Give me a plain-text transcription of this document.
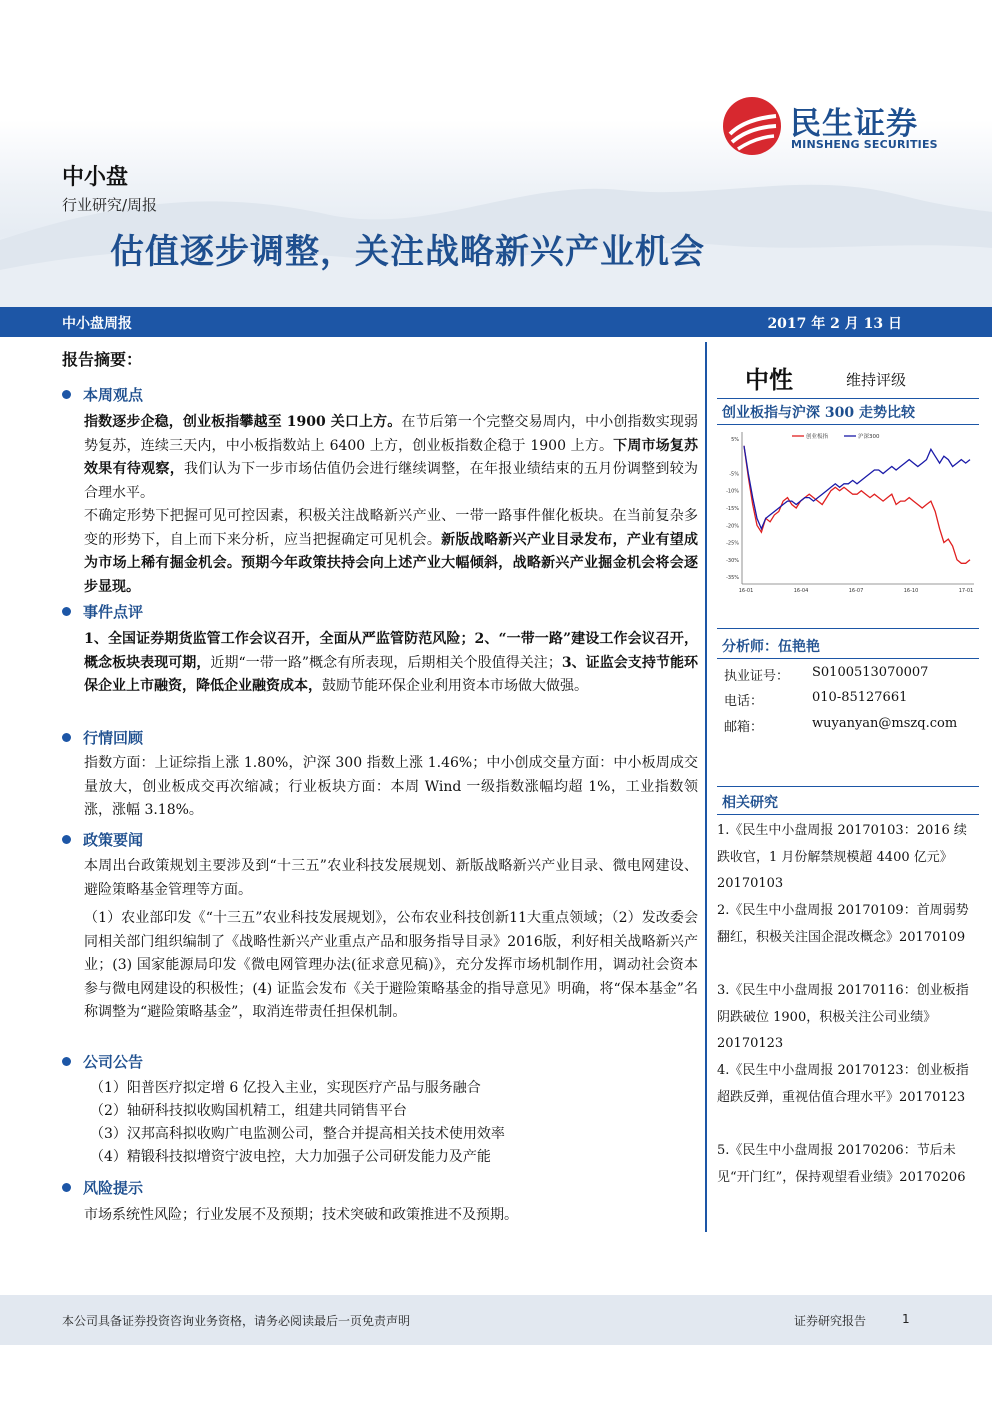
民生证券
MINSHENG SECURITIES
中小盘
行业研究/周报
估值逐步调整，关注战略新兴产业机会
中小盘周报	2017 年 2 月 13 日
报告摘要：
本周观点
指数逐步企稳，创业板指攀越至 1900 关口上方。在节后第一个完整交易周内，中小创指数实现弱势复苏，连续三天内，中小板指数站上 6400 上方，创业板指数企稳于 1900 上方。下周市场复苏效果有待观察，我们认为下一步市场估值仍会进行继续调整，在年报业绩结束的五月份调整到较为合理水平。
不确定形势下把握可见可控因素，积极关注战略新兴产业、一带一路事件催化板块。在当前复杂多变的形势下，自上而下来分析，应当把握确定可见机会。新版战略新兴产业目录发布，产业有望成为市场上稀有掘金机会。预期今年政策扶持会向上述产业大幅倾斜，战略新兴产业掘金机会将会逐步显现。
事件点评
1、全国证券期货监管工作会议召开，全面从严监管防范风险；2、“一带一路”建设工作会议召开，概念板块表现可期，近期“一带一路”概念有所表现，后期相关个股值得关注；3、证监会支持节能环保企业上市融资，降低企业融资成本，鼓励节能环保企业利用资本市场做大做强。
行情回顾
指数方面：上证综指上涨 1.80%，沪深 300 指数上涨 1.46%；中小创成交量方面：中小板周成交量放大，创业板成交再次缩减；行业板块方面：本周 Wind 一级指数涨幅均超 1%，工业指数领涨，涨幅 3.18%。
政策要闻
本周出台政策规划主要涉及到“十三五”农业科技发展规划、新版战略新兴产业目录、微电网建设、避险策略基金管理等方面。
（1）农业部印发《“十三五”农业科技发展规划》，公布农业科技创新11大重点领域；（2）发改委会同相关部门组织编制了《战略性新兴产业重点产品和服务指导目录》2016版，利好相关战略新兴产业；(3) 国家能源局印发《微电网管理办法(征求意见稿)》，充分发挥市场机制作用，调动社会资本参与微电网建设的积极性；(4) 证监会发布《关于避险策略基金的指导意见》明确，将“保本基金”名称调整为“避险策略基金”，取消连带责任担保机制。
公司公告
（1）阳普医疗拟定增 6 亿投入主业，实现医疗产品与服务融合
（2）轴研科技拟收购国机精工，组建共同销售平台
（3）汉邦高科拟收购广电监测公司，整合并提高相关技术使用效率
（4）精锻科技拟增资宁波电控，大力加强子公司研发能力及产能
风险提示
市场系统性风险；行业发展不及预期；技术突破和政策推进不及预期。
中性	维持评级
创业板指与沪深 300 走势比较
5%
-5%
-10%
-15%
-20%
-25%
-30%
-35%
16-01	16-04	16-07	16-10	17-01
创业板指	沪深300
分析师：伍艳艳
执业证号： S0100513070007
电话：	010-85127661
邮箱：	wuyanyan@mszq.com
相关研究
1.《民生中小盘周报 20170103：2016 续跌收官，1 月份解禁规模超 4400 亿元》20170103
2.《民生中小盘周报 20170109：首周弱势翻红，积极关注国企混改概念》20170109
3.《民生中小盘周报 20170116：创业板指阴跌破位 1900，积极关注公司业绩》20170123
4.《民生中小盘周报 20170123：创业板指超跌反弹，重视估值合理水平》20170123
5.《民生中小盘周报 20170206：节后未见“开门红”，保持观望看业绩》20170206
本公司具备证券投资咨询业务资格，请务必阅读最后一页免责声明	证券研究报告	1
